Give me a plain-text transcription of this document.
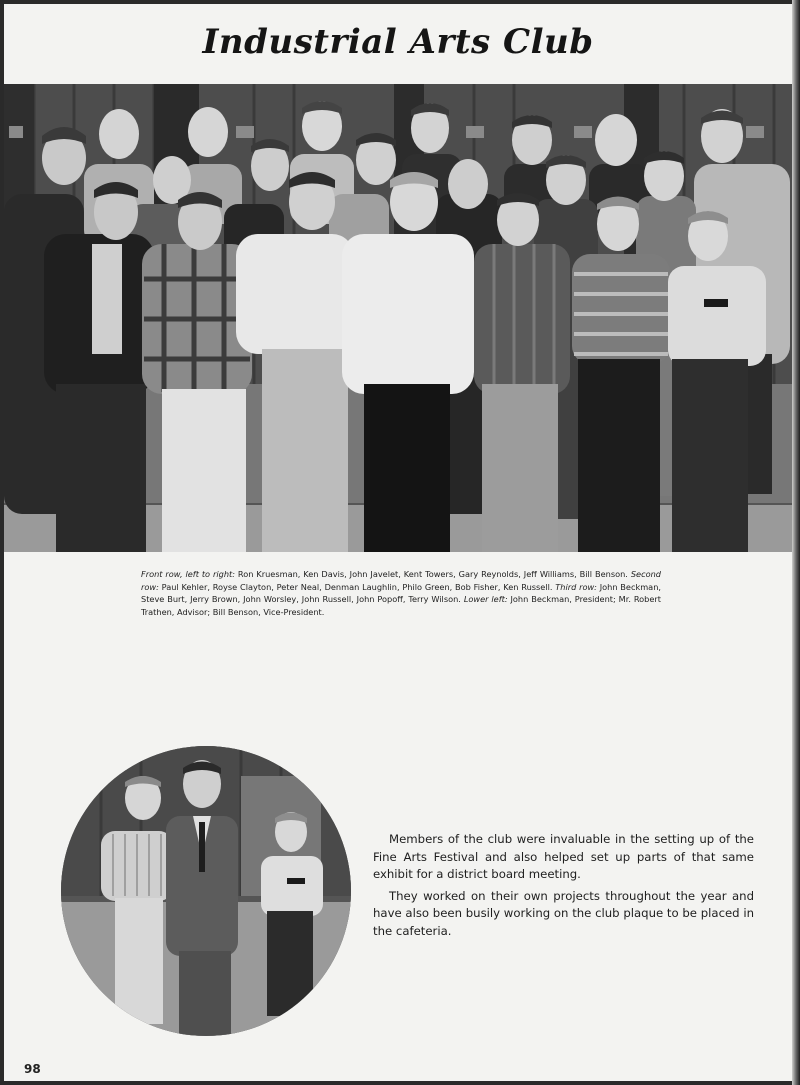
Industrial Arts Club
Front row, left to right: Ron Kruesman, Ken Davis, John Javelet, Kent Towers, Gary Reynolds, Jeff Williams, Bill Benson. Second row: Paul Kehler, Royse Clayton, Peter Neal, Denman Laughlin, Philo Green, Bob Fisher, Ken Russell. Third row: John Beckman, Steve Burt, Jerry Brown, John Worsley, John Russell, John Popoff, Terry Wilson. Lower left: John Beckman, President; Mr. Robert Trathen, Advisor; Bill Benson, Vice-President.

Members of the club were invaluable in the setting up of the Fine Arts Festival and also helped set up parts of that same exhibit for a district board meeting.

They worked on their own projects throughout the year and have also been busily working on the club plaque to be placed in the cafeteria.

98
